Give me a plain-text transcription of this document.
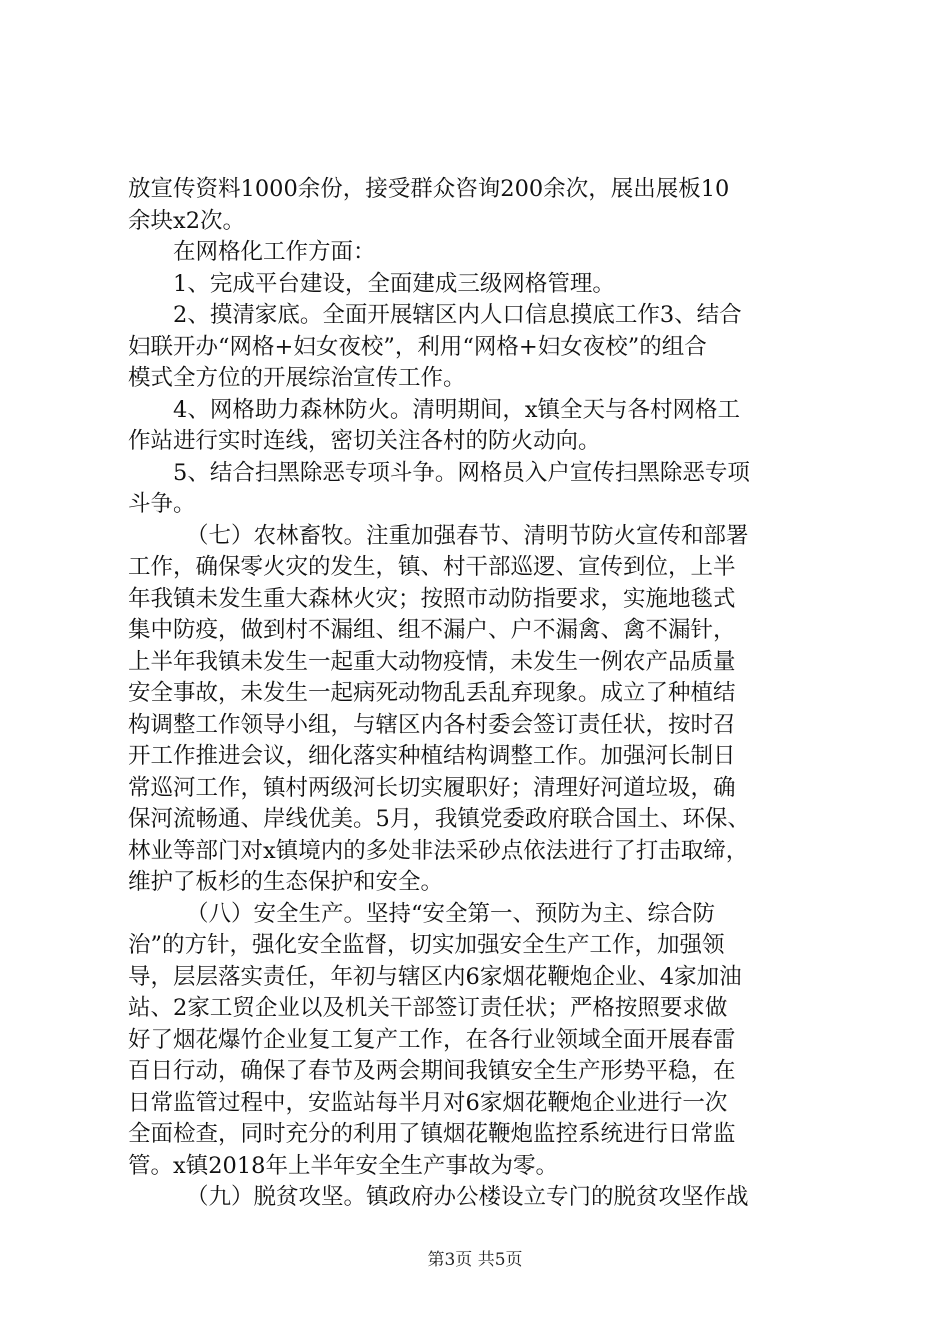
放宣传资料1000余份，接受群众咨询200余次，展出展板10
余块x2次。
在网格化工作方面：
1、完成平台建设，全面建成三级网格管理。
2、摸清家底。全面开展辖区内人口信息摸底工作3、结合
妇联开办“网格+妇女夜校”，利用“网格+妇女夜校”的组合
模式全方位的开展综治宣传工作。
4、网格助力森林防火。清明期间，x镇全天与各村网格工
作站进行实时连线，密切关注各村的防火动向。
5、结合扫黑除恶专项斗争。网格员入户宣传扫黑除恶专项
斗争。
（七）农林畜牧。注重加强春节、清明节防火宣传和部署
工作，确保零火灾的发生，镇、村干部巡逻、宣传到位，上半
年我镇未发生重大森林火灾；按照市动防指要求，实施地毯式
集中防疫，做到村不漏组、组不漏户、户不漏禽、禽不漏针，
上半年我镇未发生一起重大动物疫情，未发生一例农产品质量
安全事故，未发生一起病死动物乱丢乱弃现象。成立了种植结
构调整工作领导小组，与辖区内各村委会签订责任状，按时召
开工作推进会议，细化落实种植结构调整工作。加强河长制日
常巡河工作，镇村两级河长切实履职好；清理好河道垃圾，确
保河流畅通、岸线优美。5月，我镇党委政府联合国土、环保、
林业等部门对x镇境内的多处非法采砂点依法进行了打击取缔，
维护了板杉的生态保护和安全。
（八）安全生产。坚持“安全第一、预防为主、综合防
治”的方针，强化安全监督，切实加强安全生产工作，加强领
导，层层落实责任，年初与辖区内6家烟花鞭炮企业、4家加油
站、2家工贸企业以及机关干部签订责任状；严格按照要求做
好了烟花爆竹企业复工复产工作，在各行业领域全面开展春雷
百日行动，确保了春节及两会期间我镇安全生产形势平稳，在
日常监管过程中，安监站每半月对6家烟花鞭炮企业进行一次
全面检查，同时充分的利用了镇烟花鞭炮监控系统进行日常监
管。x镇2018年上半年安全生产事故为零。
（九）脱贫攻坚。镇政府办公楼设立专门的脱贫攻坚作战
第3页 共5页
